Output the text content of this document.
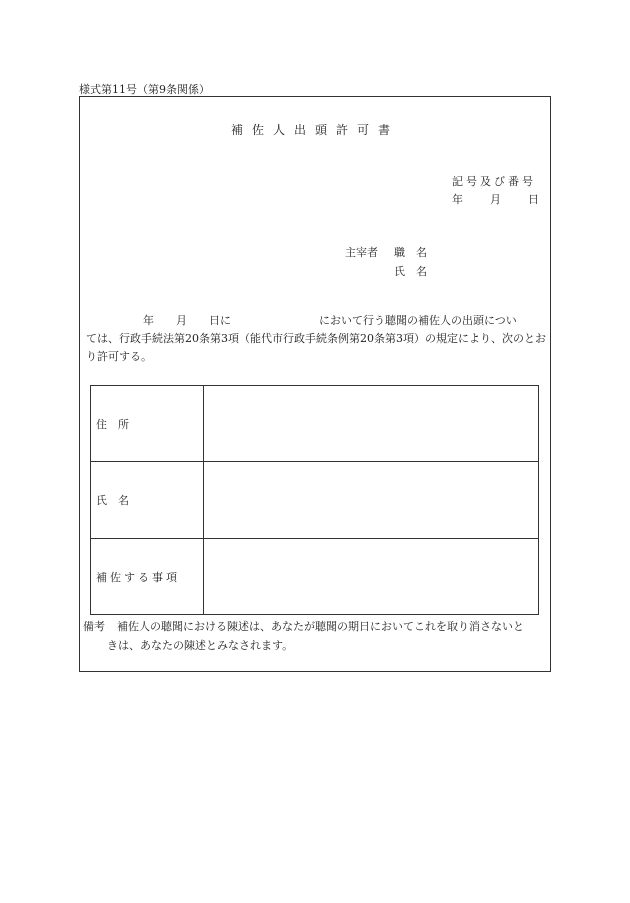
様式第11号（第9条関係）
補佐人出頭許可書
記号及び番号
年 月 日
主宰者 職　名
氏　名
年 月 日に	において行う聴聞の補佐人の出頭につい
ては、行政手続法第20条第3項（能代市行政手続条例第20条第3項）の規定により、次のとお
り許可する。
住　所	

氏　名	

補佐する事項	

備考 補佐人の聴聞における陳述は、あなたが聴聞の期日においてこれを取り消さないと
きは、あなたの陳述とみなされます。
